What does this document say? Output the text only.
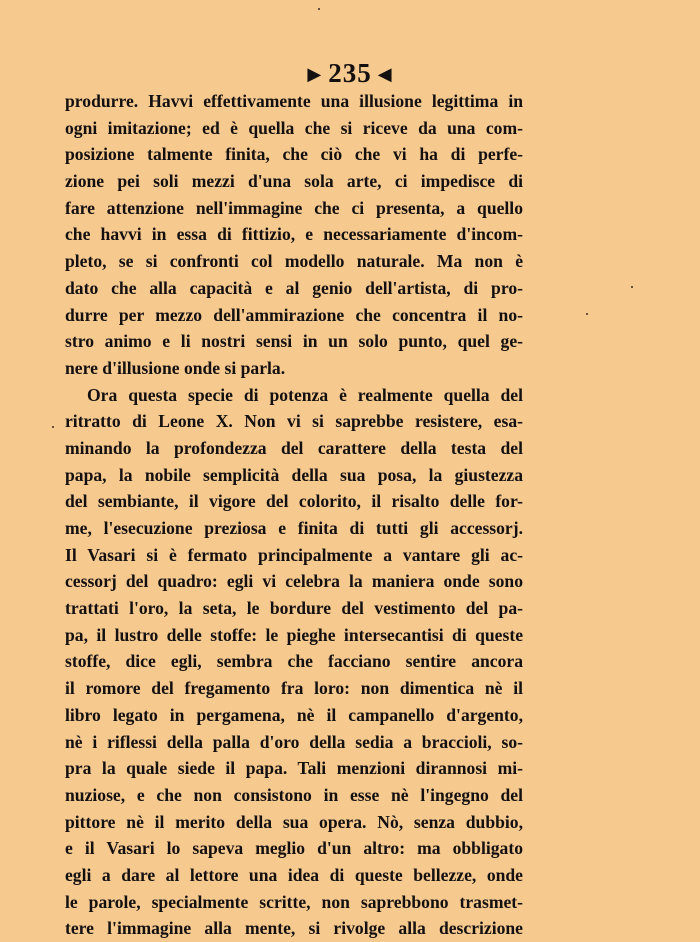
▶ 235 ◀
produrre. Havvi effettivamente una illusione legittima in
ogni imitazione; ed è quella che si riceve da una com-
posizione talmente finita, che ciò che vi ha di perfe-
zione pei soli mezzi d'una sola arte, ci impedisce di
fare attenzione nell'immagine che ci presenta, a quello
che havvi in essa di fittizio, e necessariamente d'incom-
pleto, se si confronti col modello naturale. Ma non è
dato che alla capacità e al genio dell'artista, di pro-
durre per mezzo dell'ammirazione che concentra il no-
stro animo e li nostri sensi in un solo punto, quel ge-
nere d'illusione onde si parla.
Ora questa specie di potenza è realmente quella del
ritratto di Leone X. Non vi si saprebbe resistere, esa-
minando la profondezza del carattere della testa del
papa, la nobile semplicità della sua posa, la giustezza
del sembiante, il vigore del colorito, il risalto delle for-
me, l'esecuzione preziosa e finita di tutti gli accessorj.
Il Vasari si è fermato principalmente a vantare gli ac-
cessorj del quadro: egli vi celebra la maniera onde sono
trattati l'oro, la seta, le bordure del vestimento del pa-
pa, il lustro delle stoffe: le pieghe intersecantisi di queste
stoffe, dice egli, sembra che facciano sentire ancora
il romore del fregamento fra loro: non dimentica nè il
libro legato in pergamena, nè il campanello d'argento,
nè i riflessi della palla d'oro della sedia a braccioli, so-
pra la quale siede il papa. Tali menzioni dirannosi mi-
nuziose, e che non consistono in esse nè l'ingegno del
pittore nè il merito della sua opera. Nò, senza dubbio,
e il Vasari lo sapeva meglio d'un altro: ma obbligato
egli a dare al lettore una idea di queste bellezze, onde
le parole, specialmente scritte, non saprebbono trasmet-
tere l'immagine alla mente, si rivolge alla descrizione
